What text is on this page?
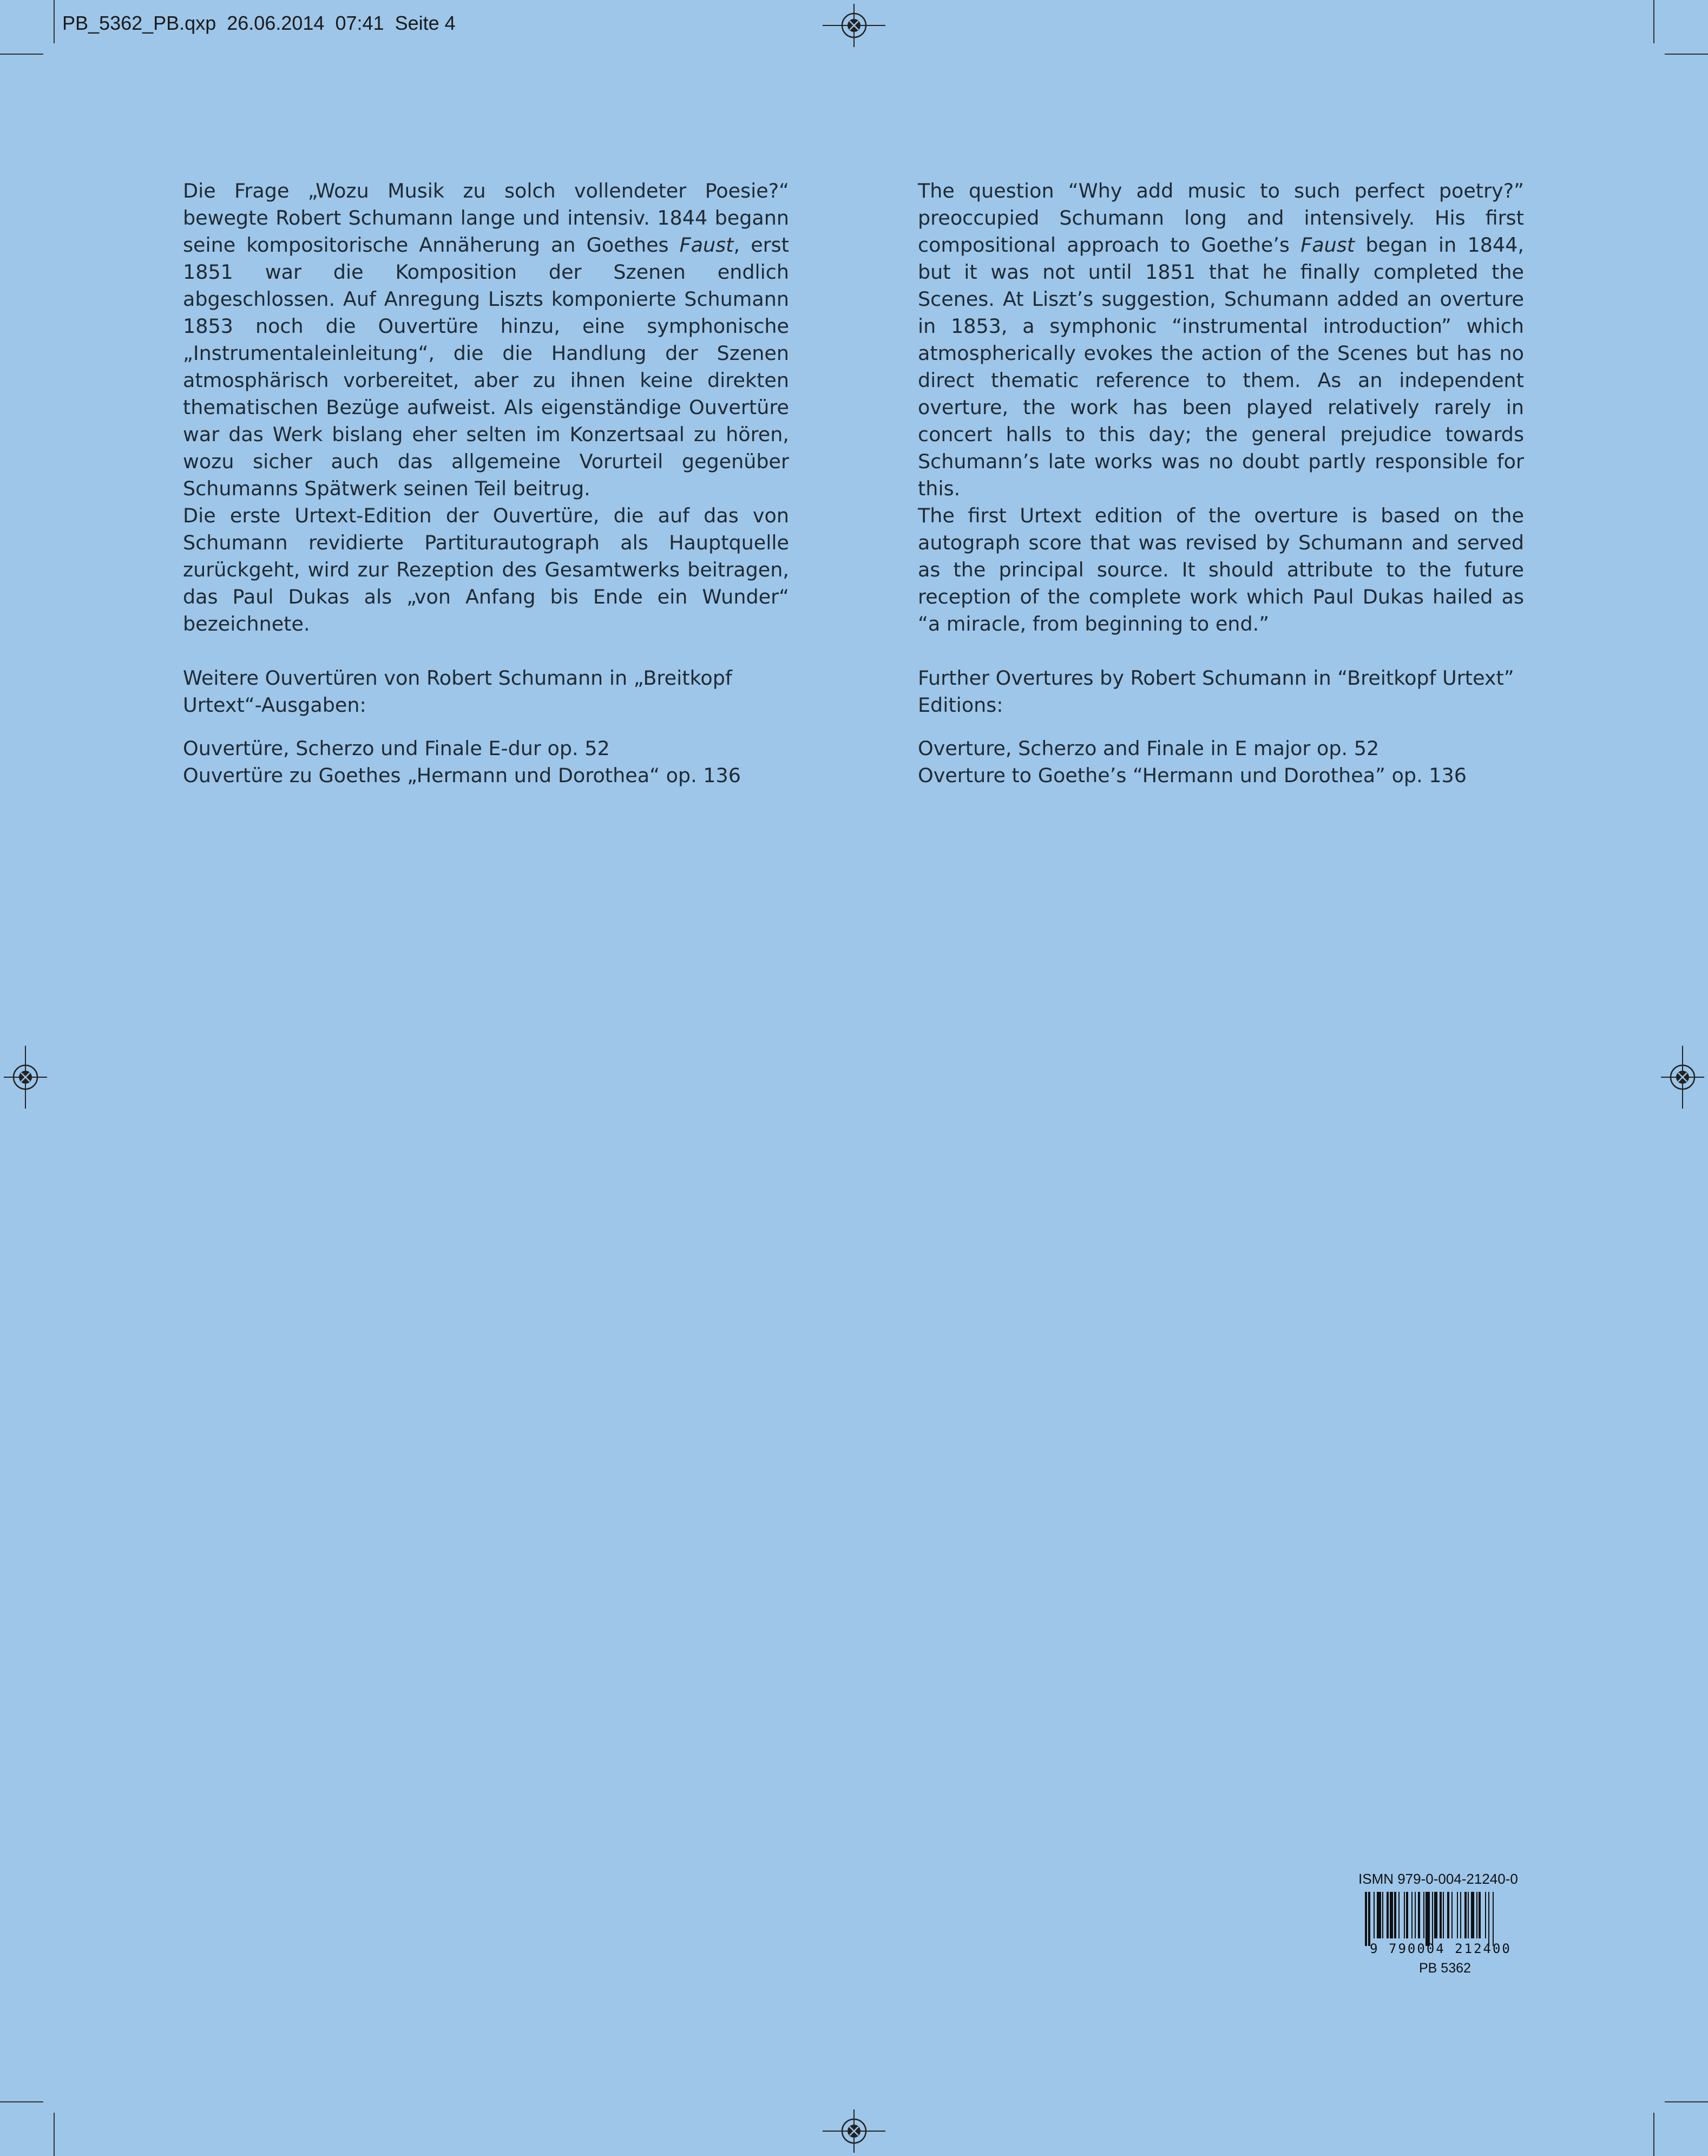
PB_5362_PB.qxp 26.06.2014 07:41 Seite 4

Die Frage „Wozu Musik zu solch vollendeter Poesie?“ bewegte Robert Schumann lange und intensiv. 1844 begann seine kompositorische Annäherung an Goethes Faust, erst 1851 war die Komposition der Szenen endlich abgeschlossen. Auf Anregung Liszts komponierte Schumann 1853 noch die Ouvertüre hinzu, eine symphonische „Instrumentaleinleitung“, die die Handlung der Szenen atmosphärisch vorbereitet, aber zu ihnen keine direkten thematischen Bezüge aufweist. Als eigenständige Ouvertüre war das Werk bislang eher selten im Konzertsaal zu hören, wozu sicher auch das allgemeine Vorurteil gegenüber Schumanns Spätwerk seinen Teil beitrug.

Die erste Urtext-Edition der Ouvertüre, die auf das von Schumann revidierte Partiturautograph als Hauptquelle zurückgeht, wird zur Rezeption des Gesamtwerks beitragen, das Paul Dukas als „von Anfang bis Ende ein Wunder“ bezeichnete.

Weitere Ouvertüren von Robert Schumann in „Breitkopf Urtext“-Ausgaben:

Ouvertüre, Scherzo und Finale E-dur op. 52

Ouvertüre zu Goethes „Hermann und Dorothea“ op. 136

The question “Why add music to such perfect poetry?” preoccupied Schumann long and intensively. His first compositional approach to Goethe’s Faust began in 1844, but it was not until 1851 that he finally completed the Scenes. At Liszt’s suggestion, Schumann added an overture in 1853, a symphonic “instrumental introduction” which atmospherically evokes the action of the Scenes but has no direct thematic reference to them. As an independent overture, the work has been played relatively rarely in concert halls to this day; the general prejudice towards Schumann’s late works was no doubt partly responsible for this.

The first Urtext edition of the overture is based on the autograph score that was revised by Schumann and served as the principal source. It should attribute to the future reception of the complete work which Paul Dukas hailed as “a miracle, from beginning to end.”

Further Overtures by Robert Schumann in “Breitkopf Urtext” Editions:

Overture, Scherzo and Finale in E major op. 52

Overture to Goethe’s “Hermann und Dorothea” op. 136

ISMN 979-0-004-21240-0
9 790004 212400
PB 5362
